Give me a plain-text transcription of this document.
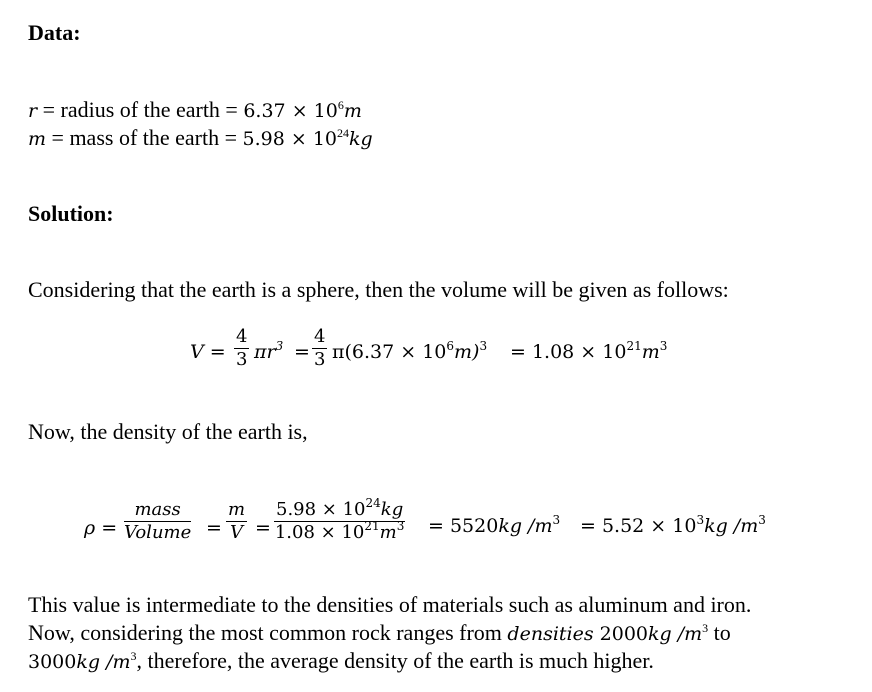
Data:
r = radius of the earth = $6.37 \times 10^6m$
m = mass of the earth = $5.98 \times 10^{24}kg$
Solution:
Considering that the earth is a sphere, then the volume will be given as follows:
$V = \frac{4}{3} \pi r^3 = \frac{4}{3} \pi(6.37 \times 10^6m)^3 = 1.08 \times 10^{21}m^3$
Now, the density of the earth is,
ρ =
mass
Volume = $\frac{m}{V} = \frac{5.98 \times 10^{24}kg}{1.08 \times 10^{21}m^3} = 5520kg$ $/m^3 = 5.52 \times 10^3kg$ $/m^3$
This value is intermediate to the densities of materials such as aluminum and iron.
Now, considering the most common rock ranges from densities 2000kg $/m^3$ to
3000kg $/m^3$, therefore, the average density of the earth is much higher.
